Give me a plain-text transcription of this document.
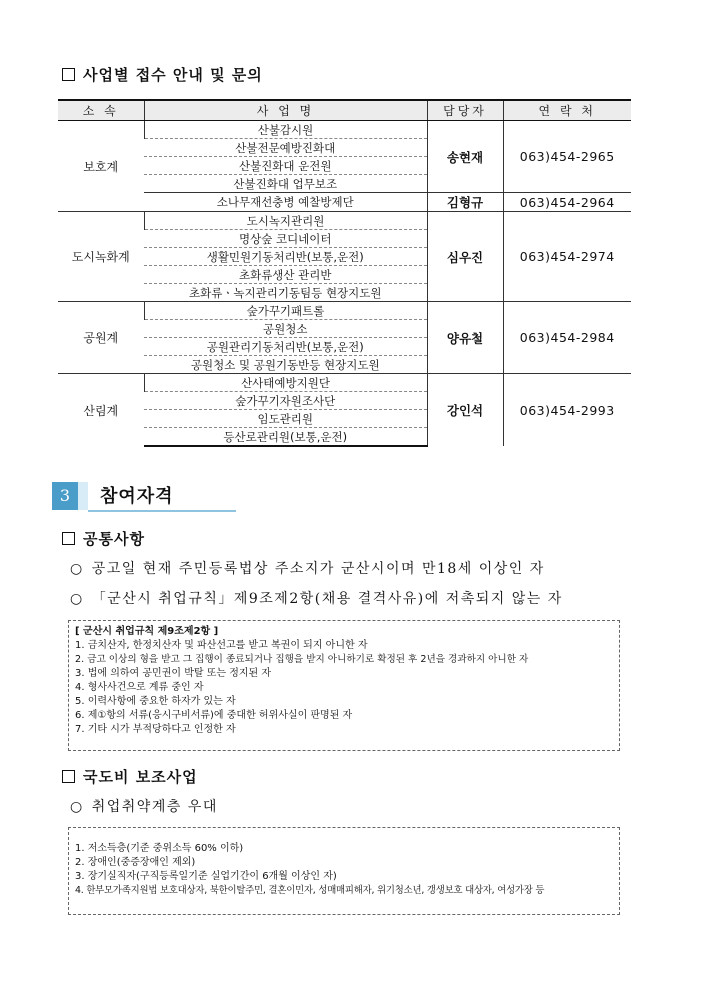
사업별 접수 안내 및 문의
소 속	사 업 명	담당자	연 락 처
보호계	산불감시원	송현재	063)454-2965
	산불전문예방진화대		
	산불진화대 운전원		
	산불진화대 업무보조		
	소나무재선충병 예찰방제단	김형규	063)454-2964
도시녹화계	도시녹지관리원	심우진	063)454-2974
	명상숲 코디네이터		
	생활민원기동처리반(보통,운전)		
	초화류생산 관리반		
	초화류ㆍ녹지관리기동팀등 현장지도원		
공원계	숲가꾸기패트롤	양유철	063)454-2984
	공원청소		
	공원관리기동처리반(보통,운전)		
	공원청소 및 공원기동반등 현장지도원		
산림계	산사태예방지원단	강인석	063)454-2993
	숲가꾸기자원조사단		
	임도관리원		
	등산로관리원(보통,운전)		
3	참여자격
공통사항
○ 공고일 현재 주민등록법상 주소지가 군산시이며 만18세 이상인 자
○ 「군산시 취업규칙」제9조제2항(채용 결격사유)에 저촉되지 않는 자
[ 군산시 취업규칙 제9조제2항 ]
1. 금치산자, 한정치산자 및 파산선고를 받고 복권이 되지 아니한 자
2. 금고 이상의 형을 받고 그 집행이 종료되거나 집행을 받지 아니하기로 확정된 후 2년을 경과하지 아니한 자
3. 법에 의하여 공민권이 박탈 또는 정지된 자
4. 형사사건으로 계류 중인 자
5. 이력사항에 중요한 하자가 있는 자
6. 제①항의 서류(응시구비서류)에 중대한 허위사실이 판명된 자
7. 기타 시가 부적당하다고 인정한 자
국도비 보조사업
○ 취업취약계층 우대
1. 저소득층(기준 중위소득 60% 이하)
2. 장애인(중증장애인 제외)
3. 장기실직자(구직등록일기준 실업기간이 6개월 이상인 자)
4. 한부모가족지원법 보호대상자, 북한이탈주민, 결혼이민자, 성매매피해자, 위기청소년, 갱생보호 대상자, 여성가장 등
